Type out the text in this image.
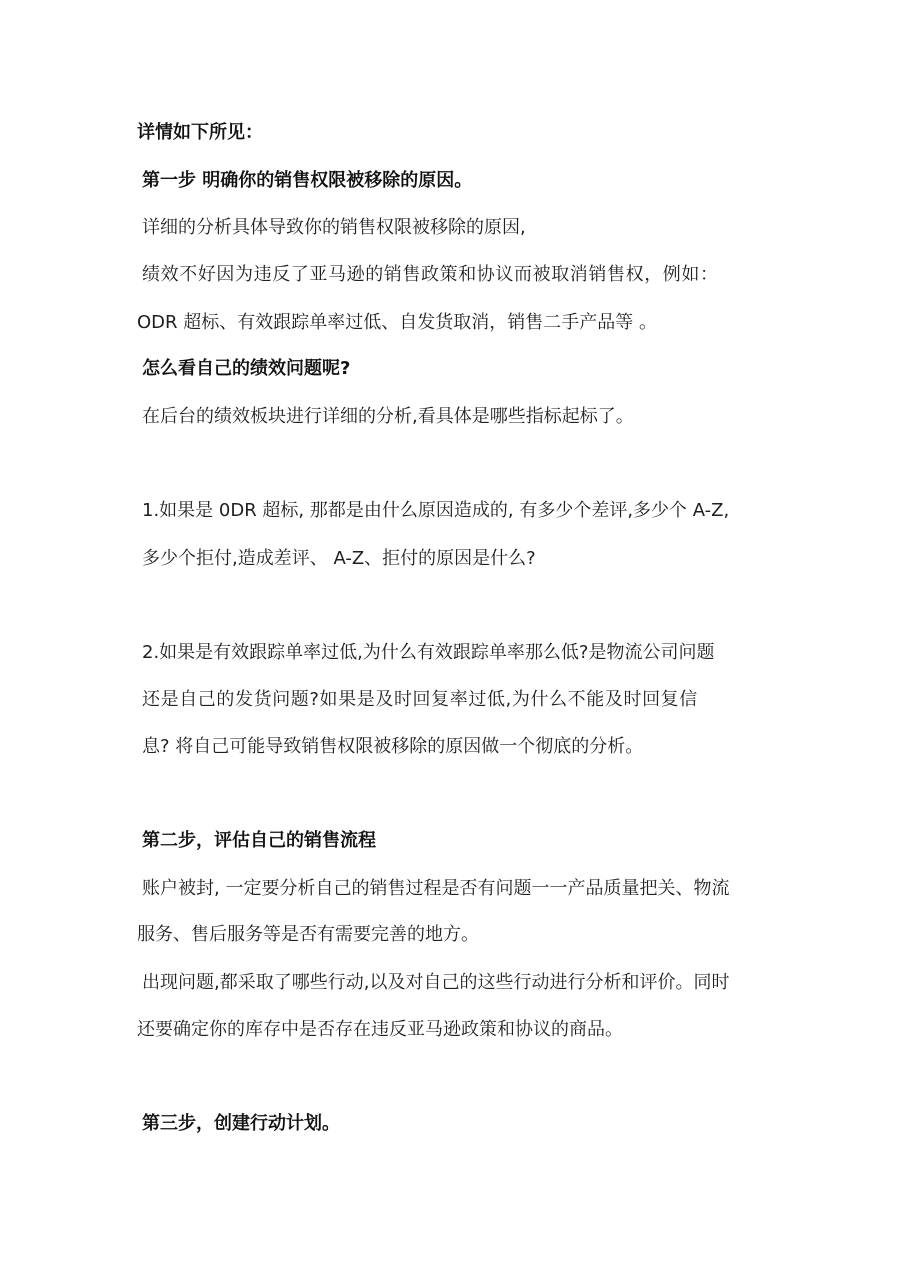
详情如下所见：
第一步 明确你的销售权限被移除的原因。
详细的分析具体导致你的销售权限被移除的原因,
绩效不好因为违反了亚马逊的销售政策和协议而被取消销售权，例如：
ODR 超标、有效跟踪单率过低、自发货取消，销售二手产品等 。
怎么看自己的绩效问题呢?
在后台的绩效板块进行详细的分析,看具体是哪些指标起标了。
1.如果是 0DR 超标, 那都是由什么原因造成的, 有多少个差评,多少个 A-Z,
多少个拒付,造成差评、 A-Z、拒付的原因是什么?
2.如果是有效跟踪单率过低,为什么有效跟踪单率那么低?是物流公司问题
还是自己的发货问题?如果是及时回复率过低,为什么不能及时回复信
息? 将自己可能导致销售权限被移除的原因做一个彻底的分析。
第二步，评估自己的销售流程
账户被封, 一定要分析自己的销售过程是否有问题一一产品质量把关、物流
服务、售后服务等是否有需要完善的地方。
出现问题,都采取了哪些行动,以及对自己的这些行动进行分析和评价。同时
还要确定你的库存中是否存在违反亚马逊政策和协议的商品。
第三步，创建行动计划。
